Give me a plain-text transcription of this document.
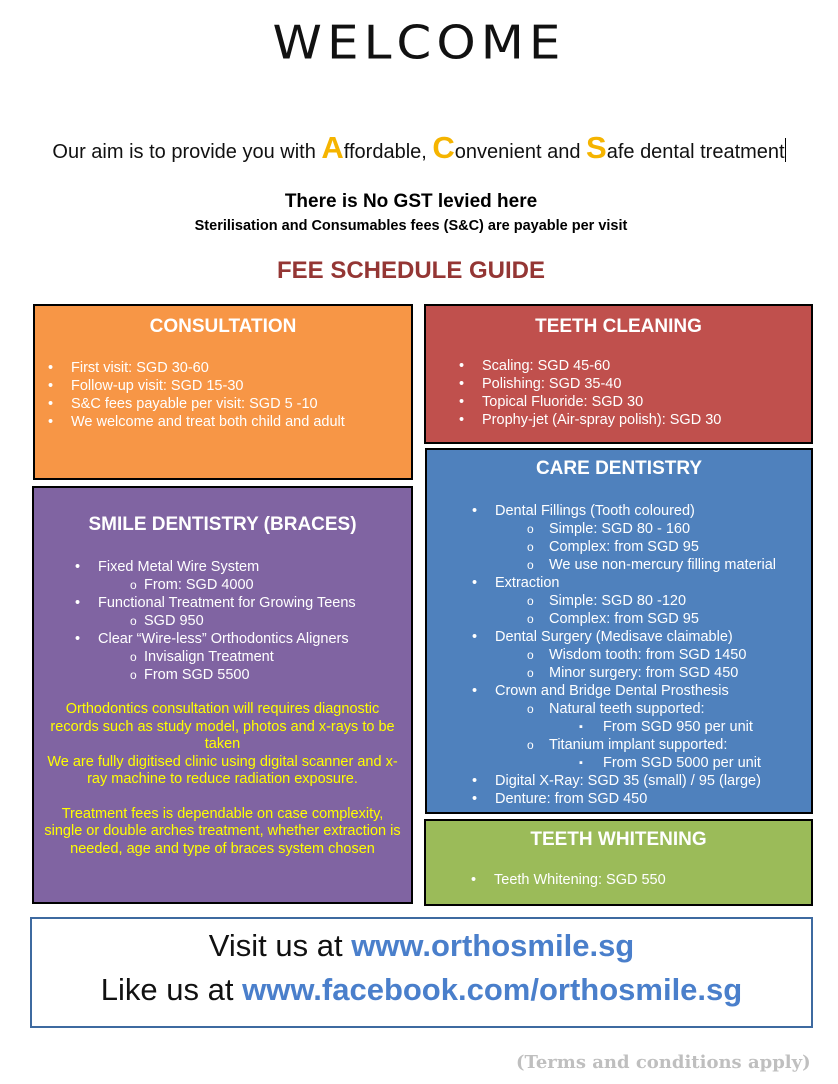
WELCOME
Our aim is to provide you with Affordable, Convenient and Safe dental treatment
There is No GST levied here
Sterilisation and Consumables fees (S&C) are payable per visit
FEE SCHEDULE GUIDE
CONSULTATION
• First visit: SGD 30-60
• Follow-up visit: SGD 15-30
• S&C fees payable per visit: SGD 5 -10
• We welcome and treat both child and adult
TEETH CLEANING
• Scaling: SGD 45-60
• Polishing: SGD 35-40
• Topical Fluoride: SGD 30
• Prophy-jet (Air-spray polish): SGD 30
SMILE DENTISTRY (BRACES)
• Fixed Metal Wire System
o From: SGD 4000
• Functional Treatment for Growing Teens
o SGD 950
• Clear “Wire-less” Orthodontics Aligners
o Invisalign Treatment
o From SGD 5500
Orthodontics consultation will requires diagnostic records such as study model, photos and x-rays to be taken
We are fully digitised clinic using digital scanner and x-ray machine to reduce radiation exposure.
Treatment fees is dependable on case complexity, single or double arches treatment, whether extraction is needed, age and type of braces system chosen
CARE DENTISTRY
• Dental Fillings (Tooth coloured)
o Simple: SGD 80 - 160
o Complex: from SGD 95
o We use non-mercury filling material
• Extraction
o Simple: SGD 80 -120
o Complex: from SGD 95
• Dental Surgery (Medisave claimable)
o Wisdom tooth: from SGD 1450
o Minor surgery: from SGD 450
• Crown and Bridge Dental Prosthesis
o Natural teeth supported:
▪ From SGD 950 per unit
o Titanium implant supported:
▪ From SGD 5000 per unit
• Digital X-Ray: SGD 35 (small) / 95 (large)
• Denture: from SGD 450
TEETH WHITENING
• Teeth Whitening: SGD 550
Visit us at www.orthosmile.sg
Like us at www.facebook.com/orthosmile.sg
(Terms and conditions apply)
